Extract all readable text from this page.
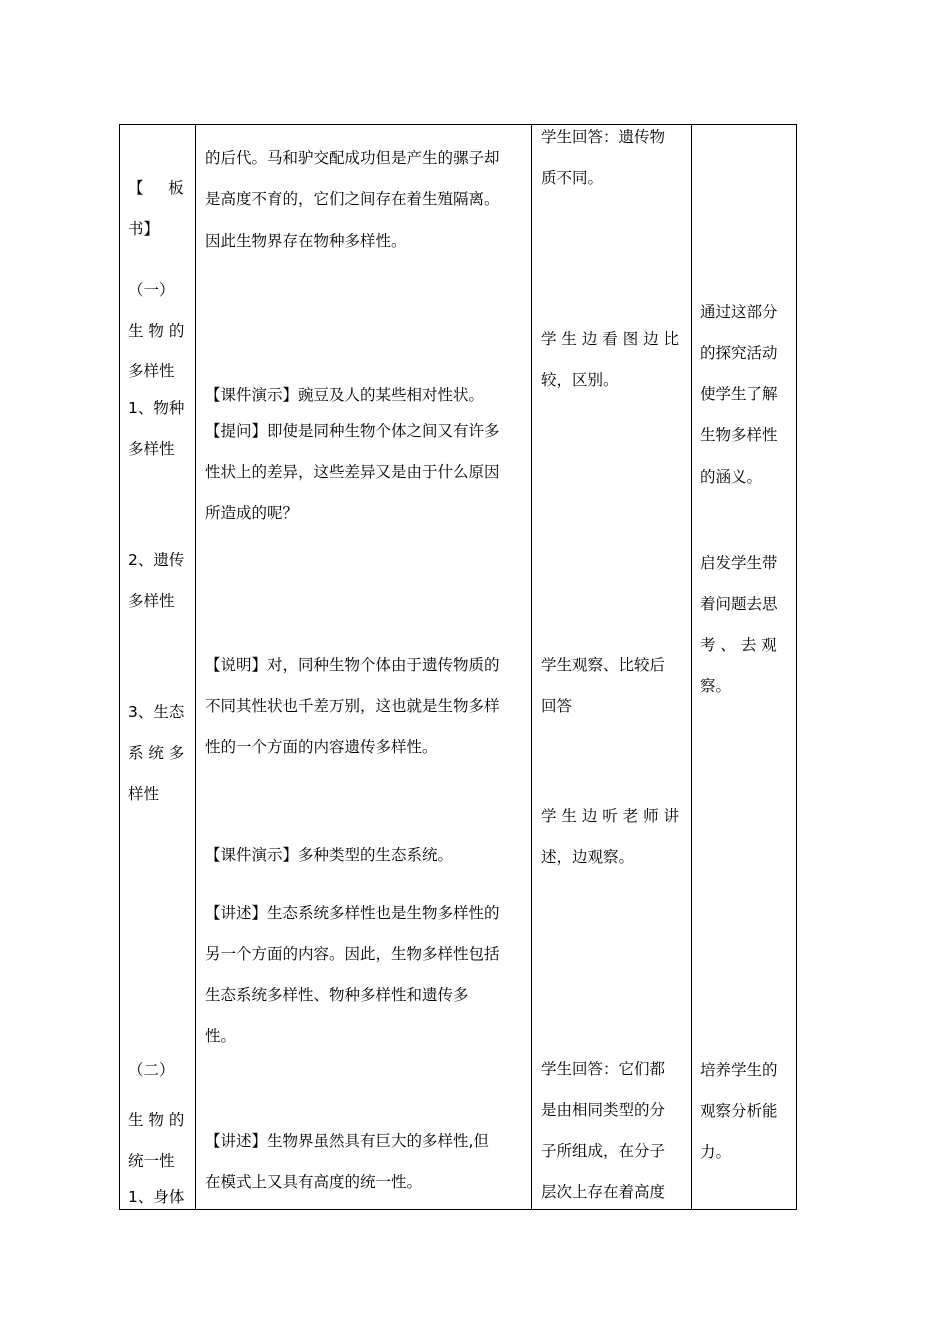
【     板

书】

（一）

生 物 的

多样性

1、物种

多样性

2、遗传

多样性

3、生态

系 统 多

样性

（二）

生 物 的

统一性

1、身体

的后代。马和驴交配成功但是产生的骡子却

是高度不育的，它们之间存在着生殖隔离。

因此生物界存在物种多样性。

【课件演示】豌豆及人的某些相对性状。

【提问】即使是同种生物个体之间又有许多

性状上的差异，这些差异又是由于什么原因

所造成的呢？

【说明】对，同种生物个体由于遗传物质的

不同其性状也千差万别，这也就是生物多样

性的一个方面的内容遗传多样性。

【课件演示】多种类型的生态系统。

【讲述】生态系统多样性也是生物多样性的

另一个方面的内容。因此，生物多样性包括

生态系统多样性、物种多样性和遗传多

性。

【讲述】生物界虽然具有巨大的多样性,但

在模式上又具有高度的统一性。

学生回答：遗传物

质不同。

学 生 边 看 图 边 比

较，区别。

学生观察、比较后

回答

学 生 边 听 老 师 讲

述，边观察。

学生回答：它们都

是由相同类型的分

子所组成，在分子

层次上存在着高度

通过这部分

的探究活动

使学生了解

生物多样性

的涵义。

启发学生带

着问题去思

考 、 去 观

察。

培养学生的

观察分析能

力。
